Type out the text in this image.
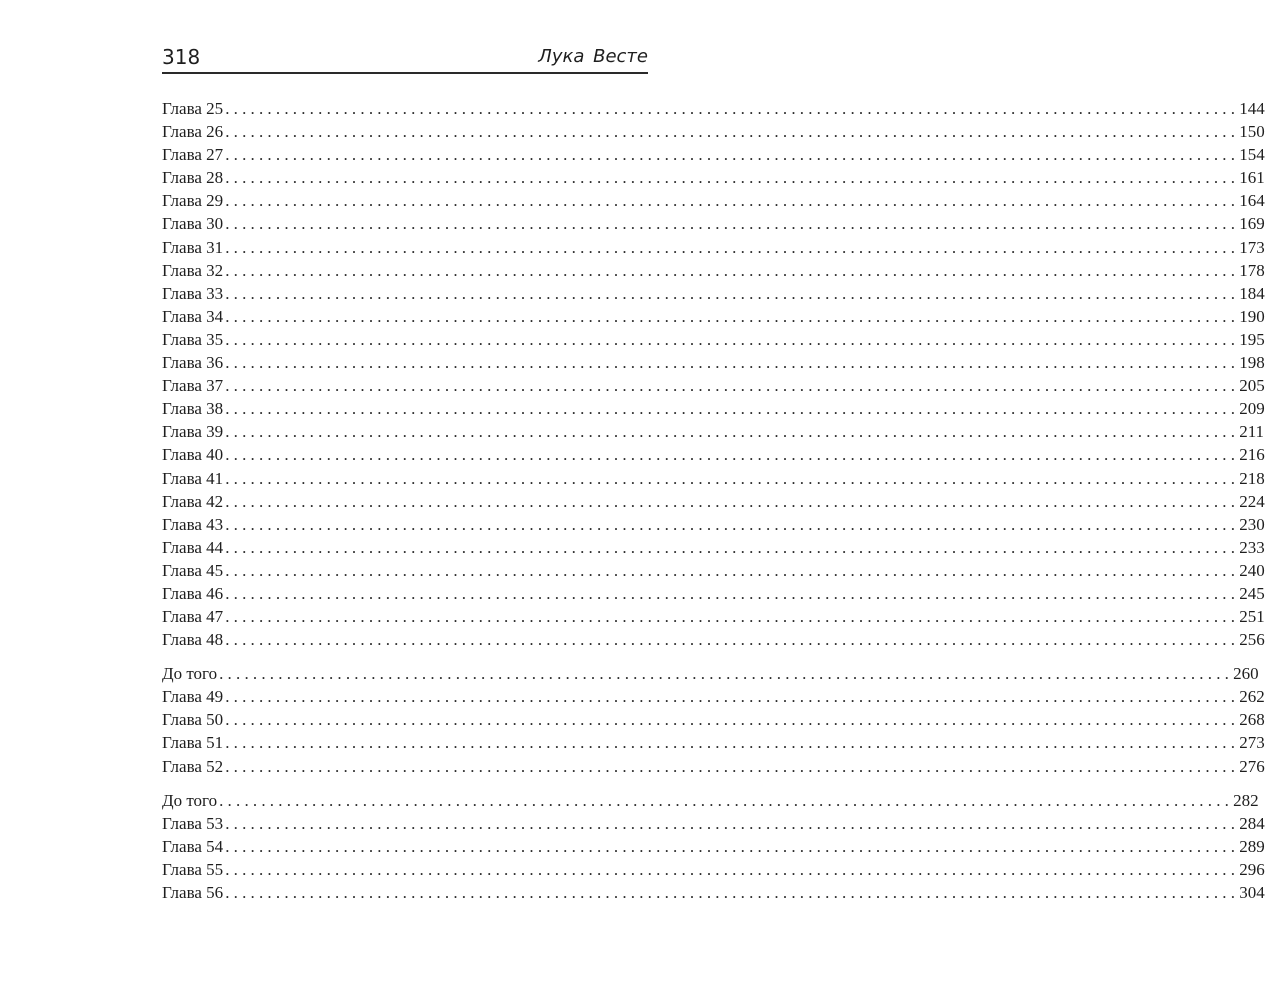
318	Лука Весте
Глава 25 ........................................................................................................................ 144
Глава 26 ........................................................................................................................ 150
Глава 27 ........................................................................................................................ 154
Глава 28 ........................................................................................................................ 161
Глава 29 ........................................................................................................................ 164
Глава 30 ........................................................................................................................ 169
Глава 31 ........................................................................................................................ 173
Глава 32 ........................................................................................................................ 178
Глава 33 ........................................................................................................................ 184
Глава 34 ........................................................................................................................ 190
Глава 35 ........................................................................................................................ 195
Глава 36 ........................................................................................................................ 198
Глава 37 ........................................................................................................................ 205
Глава 38 ........................................................................................................................ 209
Глава 39 ........................................................................................................................ 211
Глава 40 ........................................................................................................................ 216
Глава 41 ........................................................................................................................ 218
Глава 42 ........................................................................................................................ 224
Глава 43 ........................................................................................................................ 230
Глава 44 ........................................................................................................................ 233
Глава 45 ........................................................................................................................ 240
Глава 46 ........................................................................................................................ 245
Глава 47 ........................................................................................................................ 251
Глава 48 ........................................................................................................................ 256
До того ........................................................................................................................ 260
Глава 49 ........................................................................................................................ 262
Глава 50 ........................................................................................................................ 268
Глава 51 ........................................................................................................................ 273
Глава 52 ........................................................................................................................ 276
До того ........................................................................................................................ 282
Глава 53 ........................................................................................................................ 284
Глава 54 ........................................................................................................................ 289
Глава 55 ........................................................................................................................ 296
Глава 56 ........................................................................................................................ 304
